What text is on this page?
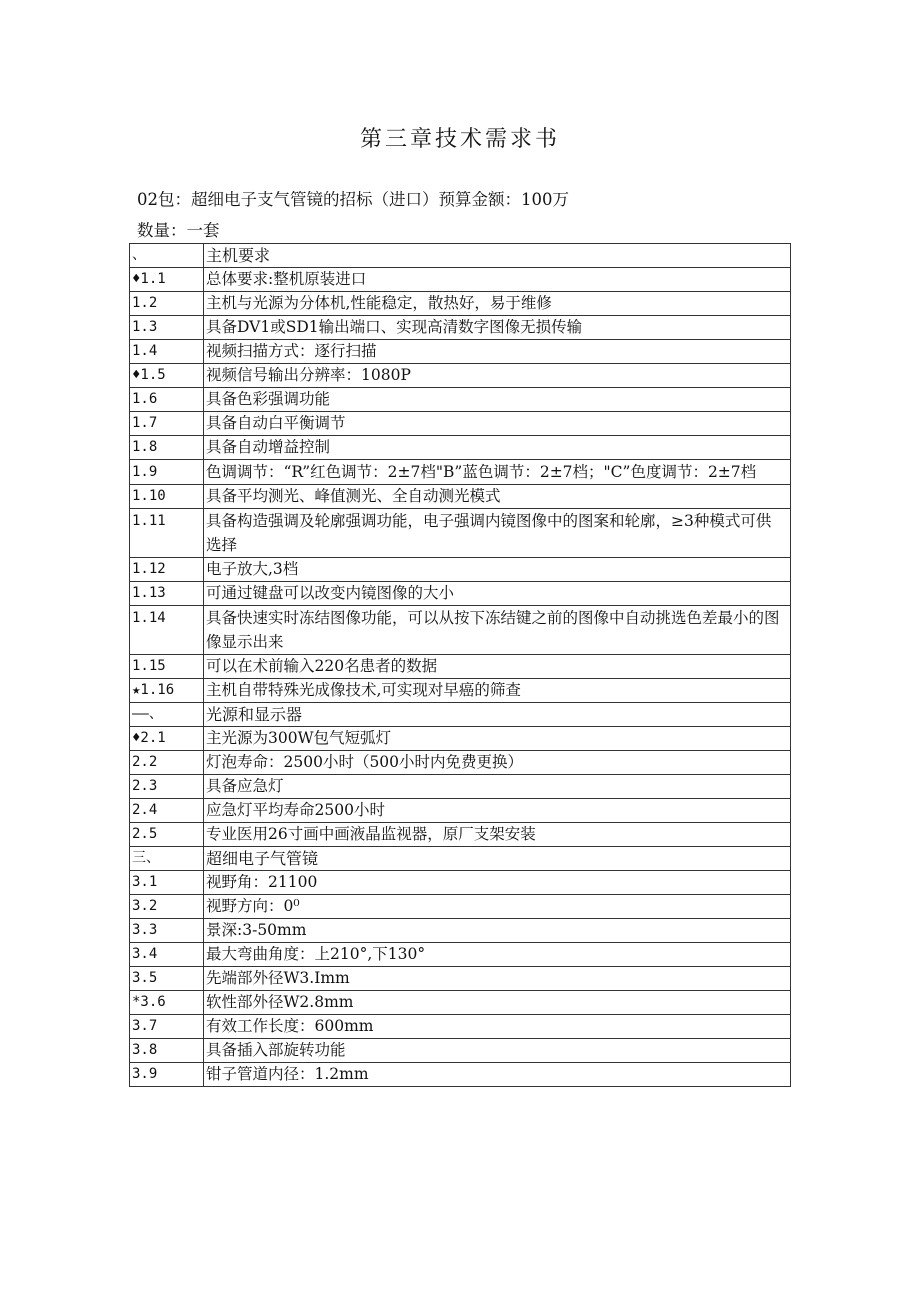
第三章技术需求书
02包：超细电子支气管镜的招标（进口）预算金额：100万
数量：一套
、	主机要求
♦1.1	总体要求:整机原装进口
1.2	主机与光源为分体机,性能稳定，散热好，易于维修
1.3	具备DV1或SD1输出端口、实现高清数字图像无损传输
1.4	视频扫描方式：逐行扫描
♦1.5	视频信号输出分辨率：1080P
1.6	具备色彩强调功能
1.7	具备自动白平衡调节
1.8	具备自动增益控制
1.9	色调调节：“R”红色调节：2±7档"B”蓝色调节：2±7档；"C”色度调节：2±7档
1.10	具备平均测光、峰值测光、全自动测光模式
1.11	具备构造强调及轮廓强调功能，电子强调内镜图像中的图案和轮廓，≥3种模式可供选择
1.12	电子放大,3档
1.13	可通过键盘可以改变内镜图像的大小
1.14	具备快速实时冻结图像功能，可以从按下冻结键之前的图像中自动挑选色差最小的图像显示出来
1.15	可以在术前输入220名患者的数据
★1.16	主机自带特殊光成像技术,可实现对早癌的筛查
——、	光源和显示器
♦2.1	主光源为300W包气短弧灯
2.2	灯泡寿命：2500小时（500小时内免费更换）
2.3	具备应急灯
2.4	应急灯平均寿命2500小时
2.5	专业医用26寸画中画液晶监视器，原厂支架安装
三、	超细电子气管镜
3.1	视野角：21100
3.2	视野方向：0⁰
3.3	景深:3-50mm
3.4	最大弯曲角度：上210°,下130°
3.5	先端部外径W3.Imm
*3.6	软性部外径W2.8mm
3.7	有效工作长度：600mm
3.8	具备插入部旋转功能
3.9	钳子管道内径：1.2mm
